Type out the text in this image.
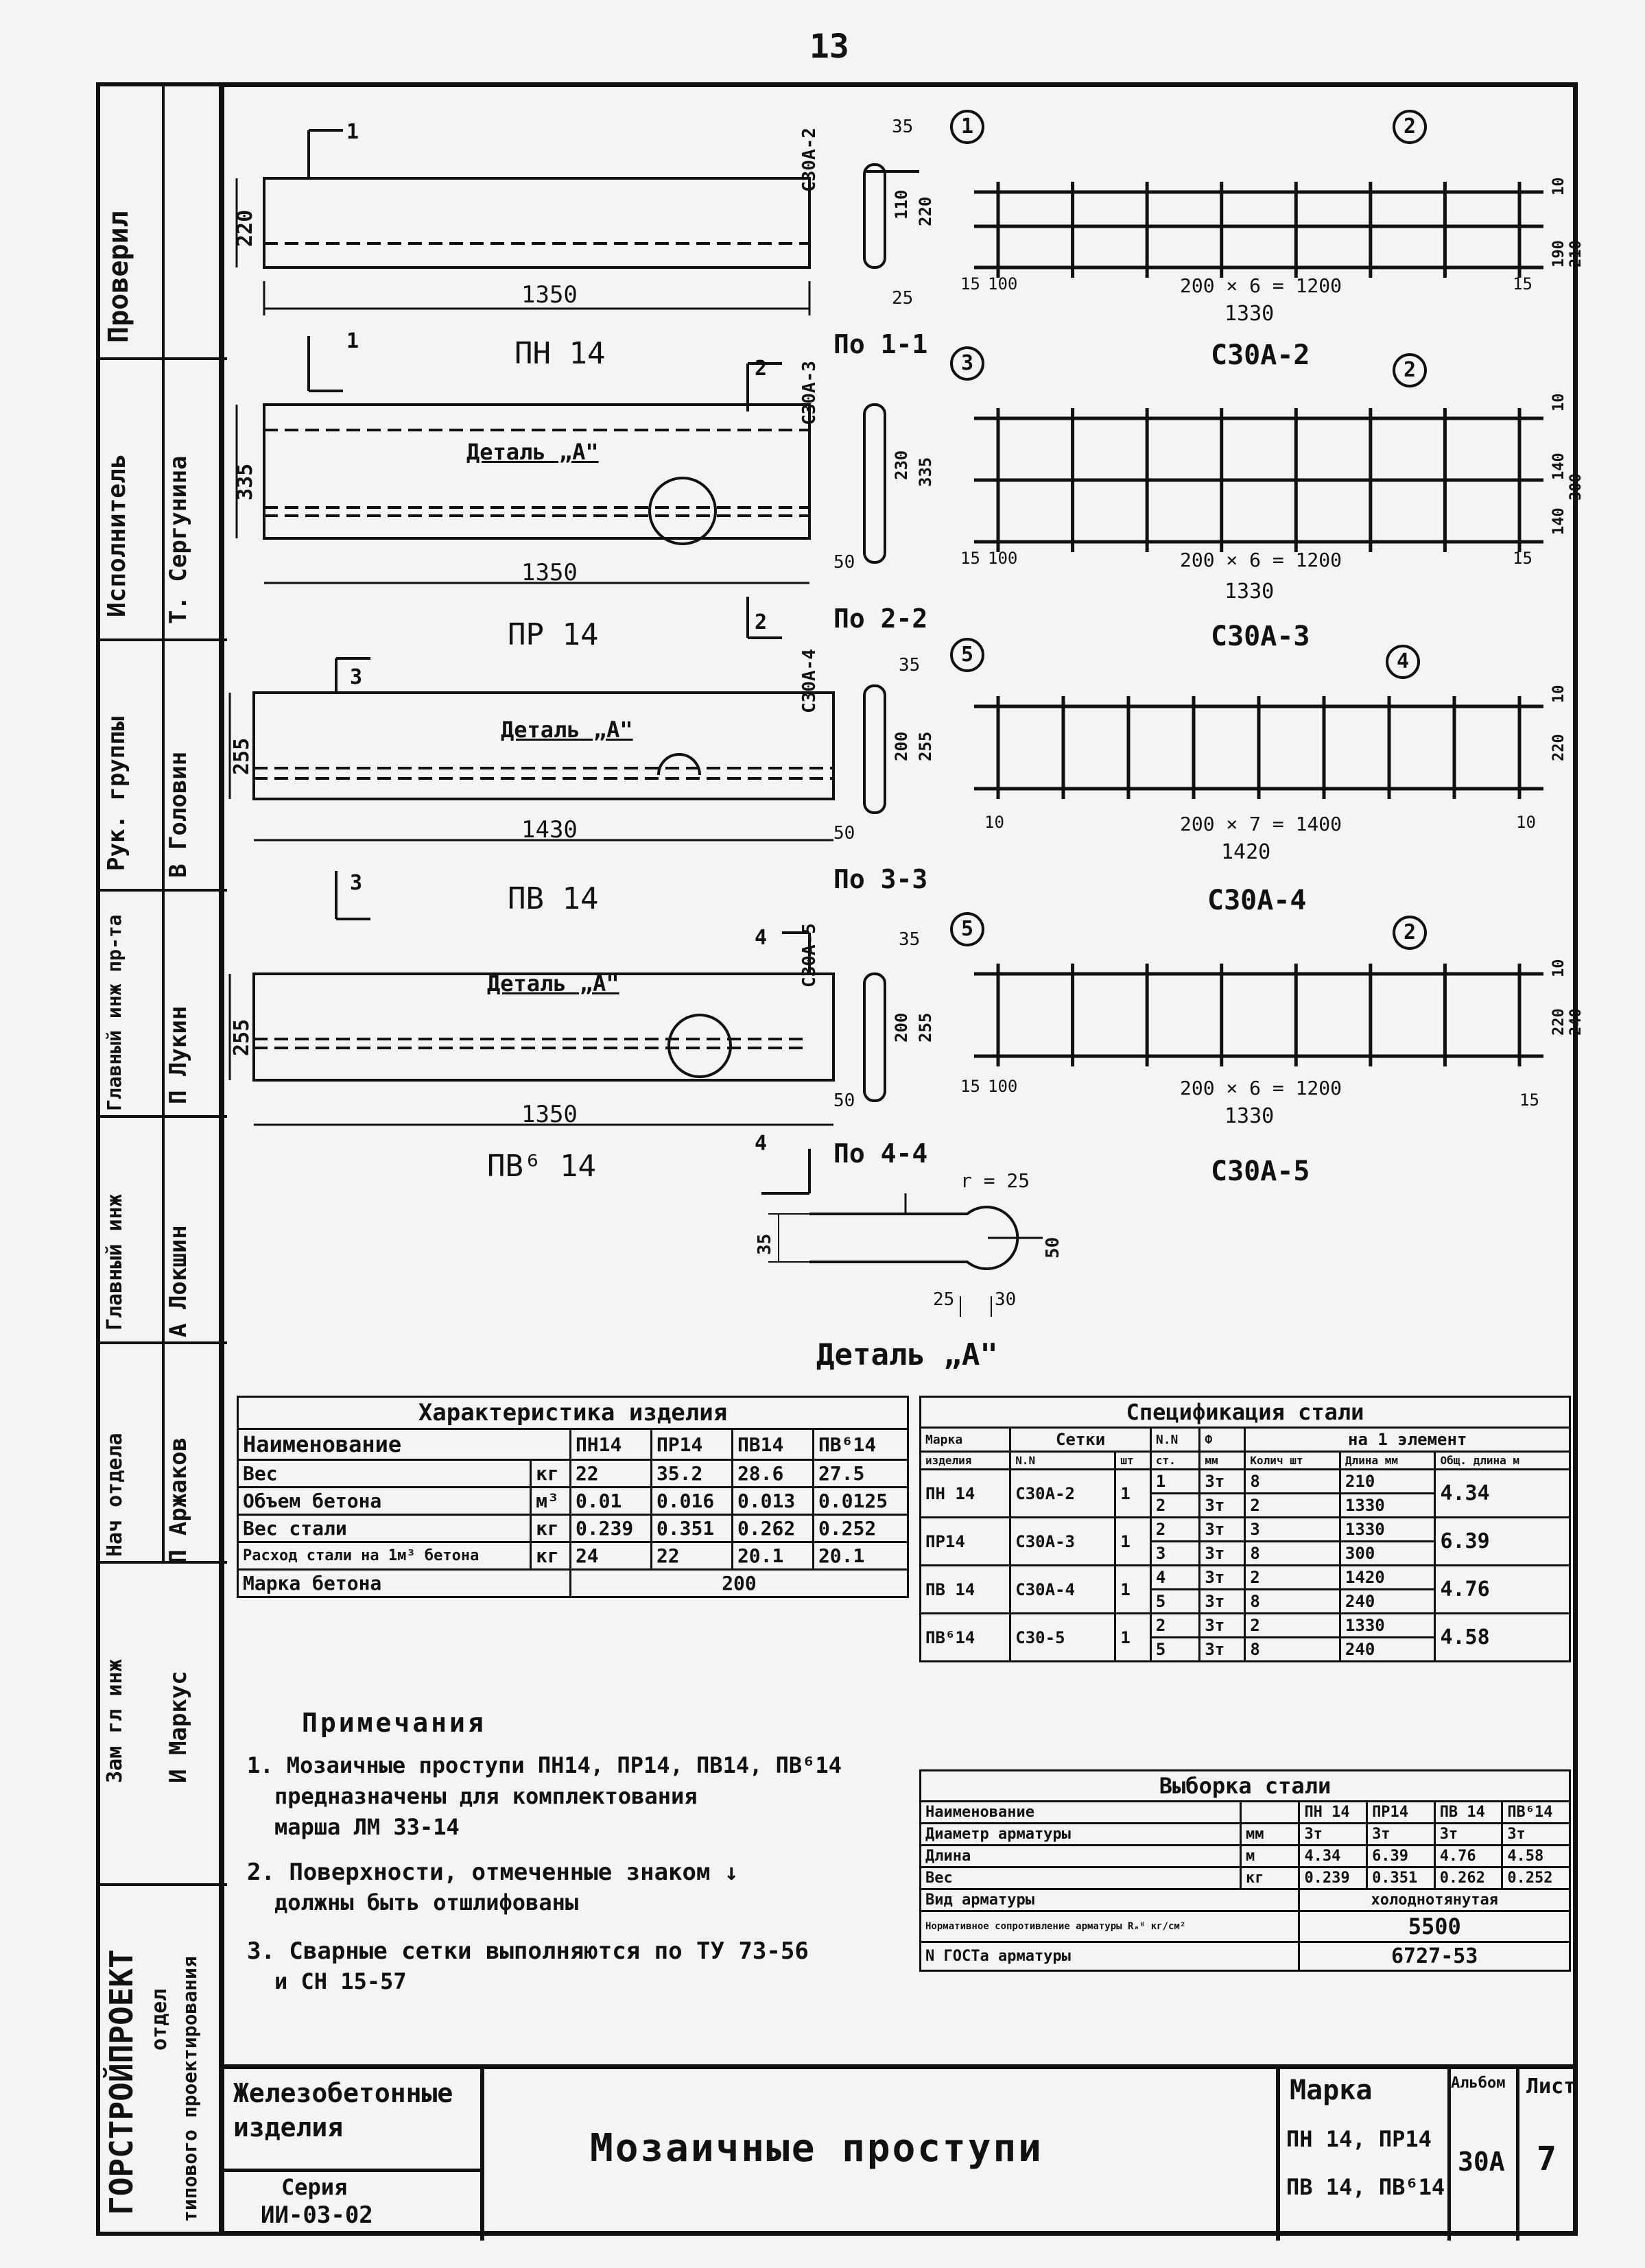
13
Проверил
Исполнитель Т. Сергунина
Рук. группы В Головин
Главный инж пр-та П Лукин
Главный инж А Локшин
Нач отдела П Аржаков
Зам гл инж И Маркус
ГОРСТРОЙПРОЕКТ отдел типового проектирования
220
1350
ПН 14
1
1
335
Деталь „А"
1350
ПР 14
2
2
255
Деталь „А"
1430
ПВ 14
3
3
255
Деталь „А"
1350
ПВ⁶ 14
4
4
По 1-1
С30А-2
35
110 220
25
По 2-2
С30А-3
230 335
50
По 3-3
С30А-4	35
200 255
50
По 4-4
С30А-5	35
200 255
50
1	2
15 100	200 × 6 = 1200
1330
15
190 210
10
С30А-2
3	2
15 100	200 × 6 = 1200
1330
15
140
140
300
10
С30А-3
5	4
10	200 × 7 = 1400
1420
10
220
10
С30А-4
5	2
15 100	200 × 6 = 1200
1330
15
220 240
10
С30А-5
r = 25
35	50
25 30
Деталь „А"
Характеристика изделия					
Наименование		ПН14	ПР14	ПВ14	ПВ⁶14
Вес	кг	22	35.2	28.6	27.5
Объем бетона	м³	0.01	0.016	0.013	0.0125
Вес стали	кг	0.239	0.351	0.262	0.252
Расход стали на 1м³ бетона	кг	24	22	20.1	20.1
Марка бетона		200			
Примечания
1. Мозаичные проступи ПН14, ПР14, ПВ14, ПВ⁶14
предназначены для комплектования
марша ЛМ 33-14
2. Поверхности, отмеченные знаком ↓
должны быть отшлифованы
3. Сварные сетки выполняются по ТУ 73-56
и СН 15-57
Спецификация стали							
Марка	Сетки		N.N	Ф	на 1 элемент		
изделия	N.N	шт	ст.	мм	Колич шт	Длина мм	Общ. длина м
ПН 14	С30А-2	1	1	3т	8	210	4.34
			2	3т	2	1330	
ПР14	С30А-3	1	2	3т	3	1330	6.39
			3	3т	8	300	
ПВ 14	С30А-4	1	4	3т	2	1420	4.76
			5	3т	8	240	
ПВ⁶14	С30-5	1	2	3т	2	1330	4.58
			5	3т	8	240	
Выборка стали					
Наименование		ПН 14	ПР14	ПВ 14	ПВ⁶14
Диаметр арматуры	мм	3т	3т	3т	3т
Длина	м	4.34	6.39	4.76	4.58
Вес	кг	0.239	0.351	0.262	0.252
Вид арматуры		холоднотянутая			
Нормативное сопротивление арматуры Rₐᴴ кг/см²		5500			
N ГОСТа арматуры		6727-53			
Железобетонные
изделия
Серия
ИИ-03-02
Мозаичные проступи
Марка
ПН 14, ПР14
ПВ 14, ПВ⁶14
Альбом
30А
Лист
7
